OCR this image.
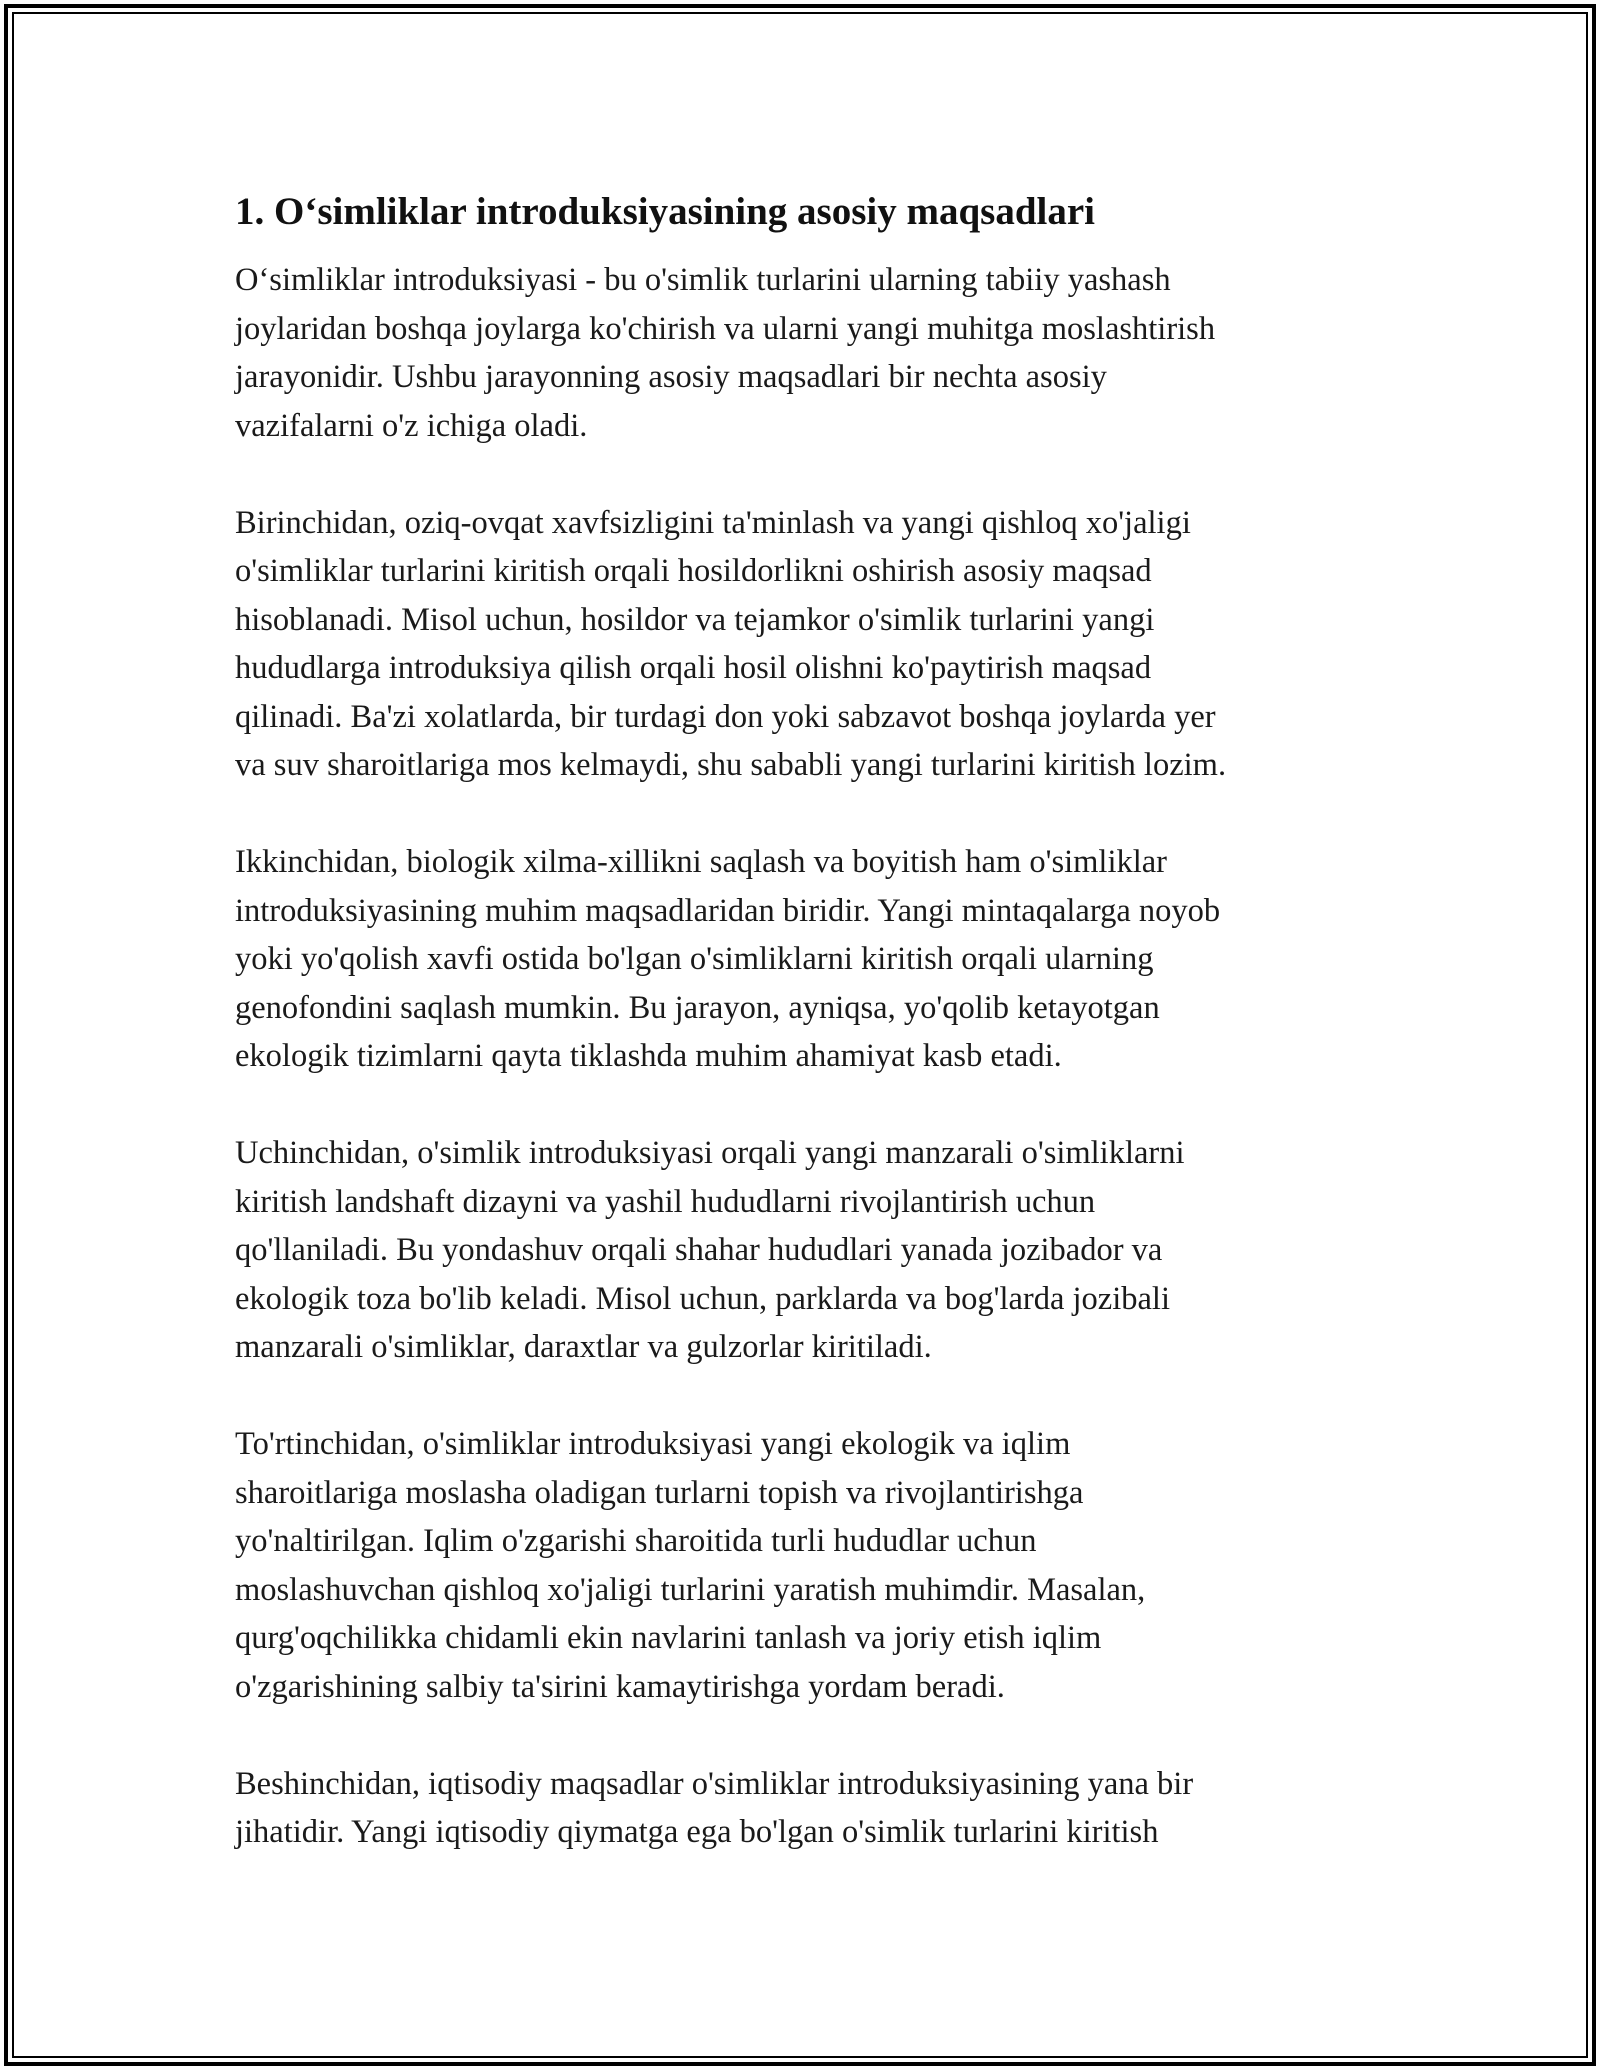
1. O‘simliklar introduksiyasining asosiy maqsadlari

O‘simliklar introduksiyasi - bu o'simlik turlarini ularning tabiiy yashash
joylaridan boshqa joylarga ko'chirish va ularni yangi muhitga moslashtirish
jarayonidir. Ushbu jarayonning asosiy maqsadlari bir nechta asosiy
vazifalarni o'z ichiga oladi.

Birinchidan, oziq-ovqat xavfsizligini ta'minlash va yangi qishloq xo'jaligi
o'simliklar turlarini kiritish orqali hosildorlikni oshirish asosiy maqsad
hisoblanadi. Misol uchun, hosildor va tejamkor o'simlik turlarini yangi
hududlarga introduksiya qilish orqali hosil olishni ko'paytirish maqsad
qilinadi. Ba'zi xolatlarda, bir turdagi don yoki sabzavot boshqa joylarda yer
va suv sharoitlariga mos kelmaydi, shu sababli yangi turlarini kiritish lozim.

Ikkinchidan, biologik xilma-xillikni saqlash va boyitish ham o'simliklar
introduksiyasining muhim maqsadlaridan biridir. Yangi mintaqalarga noyob
yoki yo'qolish xavfi ostida bo'lgan o'simliklarni kiritish orqali ularning
genofondini saqlash mumkin. Bu jarayon, ayniqsa, yo'qolib ketayotgan
ekologik tizimlarni qayta tiklashda muhim ahamiyat kasb etadi.

Uchinchidan, o'simlik introduksiyasi orqali yangi manzarali o'simliklarni
kiritish landshaft dizayni va yashil hududlarni rivojlantirish uchun
qo'llaniladi. Bu yondashuv orqali shahar hududlari yanada jozibador va
ekologik toza bo'lib keladi. Misol uchun, parklarda va bog'larda jozibali
manzarali o'simliklar, daraxtlar va gulzorlar kiritiladi.

To'rtinchidan, o'simliklar introduksiyasi yangi ekologik va iqlim
sharoitlariga moslasha oladigan turlarni topish va rivojlantirishga
yo'naltirilgan. Iqlim o'zgarishi sharoitida turli hududlar uchun
moslashuvchan qishloq xo'jaligi turlarini yaratish muhimdir. Masalan,
qurg'oqchilikka chidamli ekin navlarini tanlash va joriy etish iqlim
o'zgarishining salbiy ta'sirini kamaytirishga yordam beradi.

Beshinchidan, iqtisodiy maqsadlar o'simliklar introduksiyasining yana bir
jihatidir. Yangi iqtisodiy qiymatga ega bo'lgan o'simlik turlarini kiritish
